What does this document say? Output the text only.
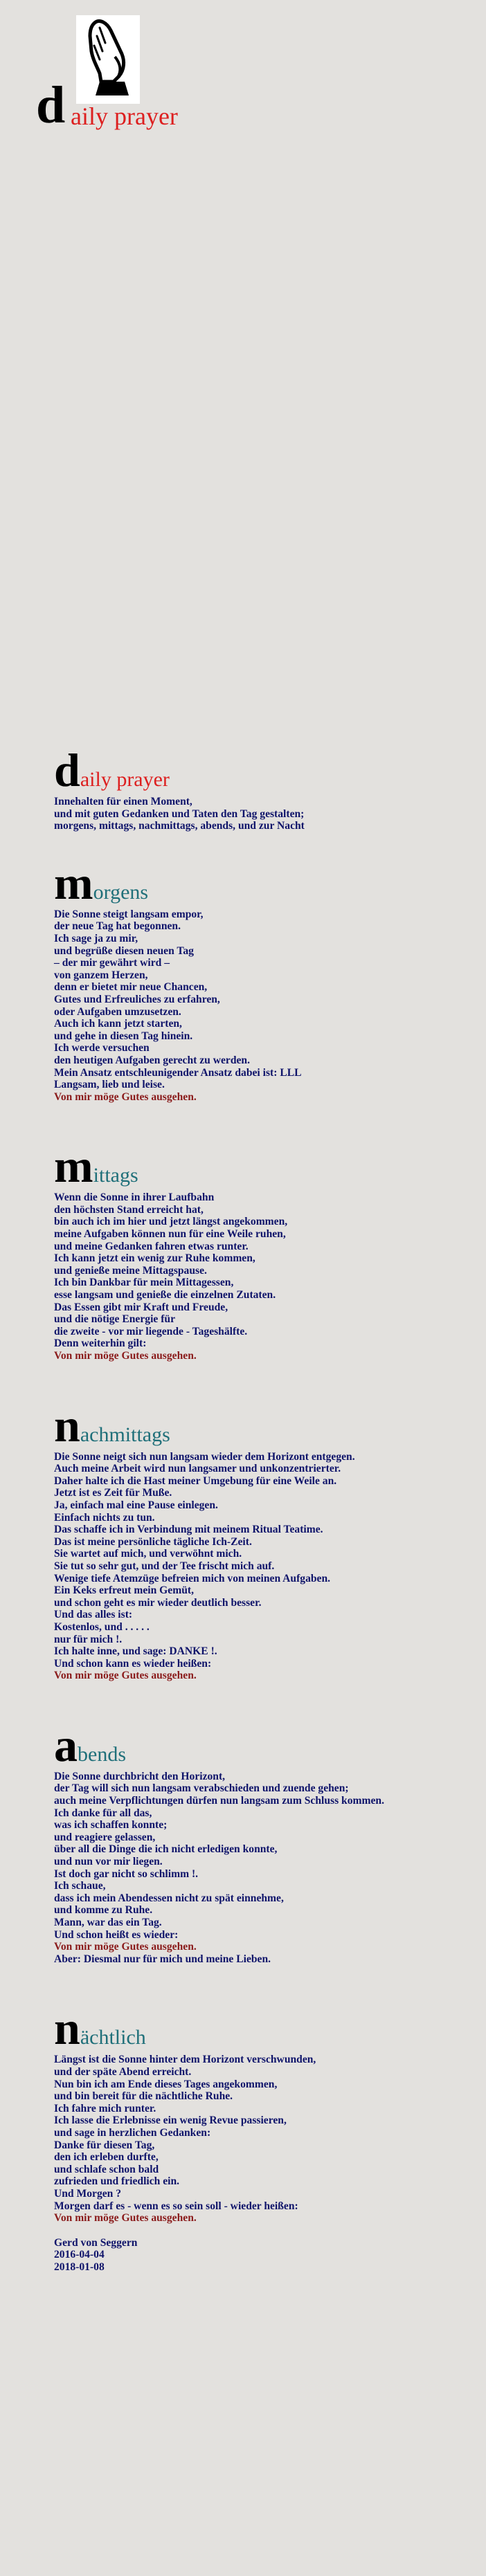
d aily prayer
daily prayer
Innehalten für einen Moment,
und mit guten Gedanken und Taten den Tag gestalten;
morgens, mittags, nachmittags, abends, und zur Nacht
morgens
Die Sonne steigt langsam empor,
der neue Tag hat begonnen.
Ich sage ja zu mir,
und begrüße diesen neuen Tag
– der mir gewährt wird –
von ganzem Herzen,
denn er bietet mir neue Chancen,
Gutes und Erfreuliches zu erfahren,
oder Aufgaben umzusetzen.
Auch ich kann jetzt starten,
und gehe in diesen Tag hinein.
Ich werde versuchen
den heutigen Aufgaben gerecht zu werden.
Mein Ansatz entschleunigender Ansatz dabei ist: LLL
Langsam, lieb und leise.
Von mir möge Gutes ausgehen.
mittags
Wenn die Sonne in ihrer Laufbahn
den höchsten Stand erreicht hat,
bin auch ich im hier und jetzt längst angekommen,
meine Aufgaben können nun für eine Weile ruhen,
und meine Gedanken fahren etwas runter.
Ich kann jetzt ein wenig zur Ruhe kommen,
und genieße meine Mittagspause.
Ich bin Dankbar für mein Mittagessen,
esse langsam und genieße die einzelnen Zutaten.
Das Essen gibt mir Kraft und Freude,
und die nötige Energie für
die zweite - vor mir liegende - Tageshälfte.
Denn weiterhin gilt:
Von mir möge Gutes ausgehen.
nachmittags
Die Sonne neigt sich nun langsam wieder dem Horizont entgegen.
Auch meine Arbeit wird nun langsamer und unkonzentrierter.
Daher halte ich die Hast meiner Umgebung für eine Weile an.
Jetzt ist es Zeit für Muße.
Ja, einfach mal eine Pause einlegen.
Einfach nichts zu tun.
Das schaffe ich in Verbindung mit meinem Ritual Teatime.
Das ist meine persönliche tägliche Ich-Zeit.
Sie wartet auf mich, und verwöhnt mich.
Sie tut so sehr gut, und der Tee frischt mich auf.
Wenige tiefe Atemzüge befreien mich von meinen Aufgaben.
Ein Keks erfreut mein Gemüt,
und schon geht es mir wieder deutlich besser.
Und das alles ist:
Kostenlos, und . . . . .
nur für mich !.
Ich halte inne, und sage: DANKE !.
Und schon kann es wieder heißen:
Von mir möge Gutes ausgehen.
abends
Die Sonne durchbricht den Horizont,
der Tag will sich nun langsam verabschieden und zuende gehen;
auch meine Verpflichtungen dürfen nun langsam zum Schluss kommen.
Ich danke für all das,
was ich schaffen konnte;
und reagiere gelassen,
über all die Dinge die ich nicht erledigen konnte,
und nun vor mir liegen.
Ist doch gar nicht so schlimm !.
Ich schaue,
dass ich mein Abendessen nicht zu spät einnehme,
und komme zu Ruhe.
Mann, war das ein Tag.
Und schon heißt es wieder:
Von mir möge Gutes ausgehen.
Aber: Diesmal nur für mich und meine Lieben.
nächtlich
Längst ist die Sonne hinter dem Horizont verschwunden,
und der späte Abend erreicht.
Nun bin ich am Ende dieses Tages angekommen,
und bin bereit für die nächtliche Ruhe.
Ich fahre mich runter.
Ich lasse die Erlebnisse ein wenig Revue passieren,
und sage in herzlichen Gedanken:
Danke für diesen Tag,
den ich erleben durfte,
und schlafe schon bald
zufrieden und friedlich ein.
Und Morgen ?
Morgen darf es - wenn es so sein soll - wieder heißen:
Von mir möge Gutes ausgehen.
Gerd von Seggern
2016-04-04
2018-01-08
